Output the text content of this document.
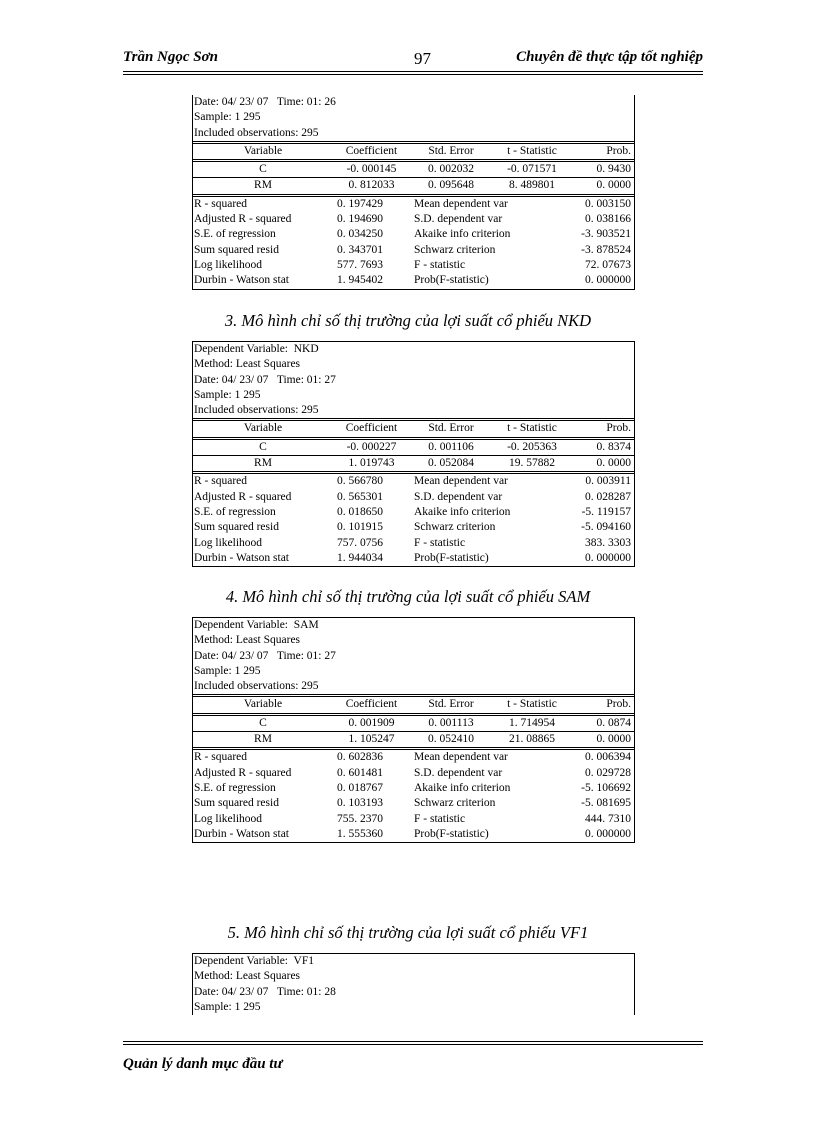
Trần Ngọc Sơn	97	Chuyên đề thực tập tốt nghiệp
Date: 04/ 23/ 07   Time: 01: 26
Sample: 1 295
Included observations: 295
Variable	Coefficient	Std. Error	t - Statistic	Prob.
C	-0. 000145	0. 002032	-0. 071571	0. 9430
RM	0. 812033	0. 095648	8. 489801	0. 0000
R - squared	0. 197429	Mean dependent var		0. 003150
Adjusted R - squared	0. 194690	S.D. dependent var		0. 038166
S.E. of regression	0. 034250	Akaike info criterion		-3. 903521
Sum squared resid	0. 343701	Schwarz criterion		-3. 878524
Log likelihood	577. 7693	F - statistic		72. 07673
Durbin - Watson stat	1. 945402	Prob(F-statistic)		0. 000000
3. Mô hình chỉ số thị trường của lợi suất cổ phiếu NKD
Dependent Variable:  NKD
Method: Least Squares
Date: 04/ 23/ 07   Time: 01: 27
Sample: 1 295
Included observations: 295
Variable	Coefficient	Std. Error	t - Statistic	Prob.
C	-0. 000227	0. 001106	-0. 205363	0. 8374
RM	1. 019743	0. 052084	19. 57882	0. 0000
R - squared	0. 566780	Mean dependent var		0. 003911
Adjusted R - squared	0. 565301	S.D. dependent var		0. 028287
S.E. of regression	0. 018650	Akaike info criterion		-5. 119157
Sum squared resid	0. 101915	Schwarz criterion		-5. 094160
Log likelihood	757. 0756	F - statistic		383. 3303
Durbin - Watson stat	1. 944034	Prob(F-statistic)		0. 000000
4. Mô hình chỉ số thị trường của lợi suất cổ phiếu SAM
Dependent Variable:  SAM
Method: Least Squares
Date: 04/ 23/ 07   Time: 01: 27
Sample: 1 295
Included observations: 295
Variable	Coefficient	Std. Error	t - Statistic	Prob.
C	0. 001909	0. 001113	1. 714954	0. 0874
RM	1. 105247	0. 052410	21. 08865	0. 0000
R - squared	0. 602836	Mean dependent var		0. 006394
Adjusted R - squared	0. 601481	S.D. dependent var		0. 029728
S.E. of regression	0. 018767	Akaike info criterion		-5. 106692
Sum squared resid	0. 103193	Schwarz criterion		-5. 081695
Log likelihood	755. 2370	F - statistic		444. 7310
Durbin - Watson stat	1. 555360	Prob(F-statistic)		0. 000000
5. Mô hình chỉ số thị trường của lợi suất cổ phiếu VF1
Dependent Variable:  VF1
Method: Least Squares
Date: 04/ 23/ 07   Time: 01: 28
Sample: 1 295
Quản lý danh mục đầu tư
